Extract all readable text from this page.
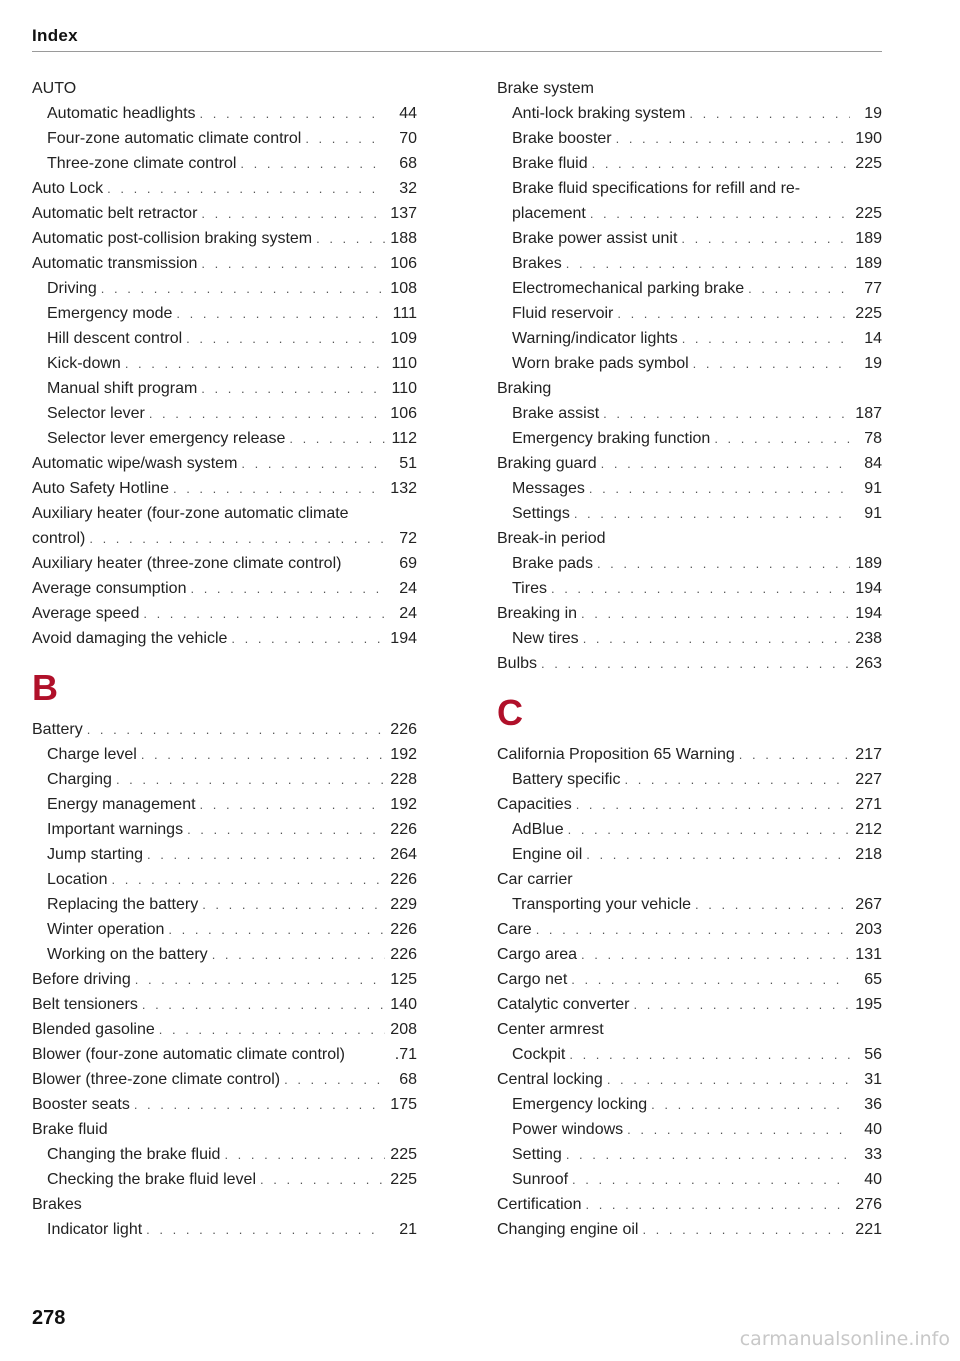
Index
AUTO
Automatic headlights . . .	44
Four-zone automatic climate control . . .	70
Three-zone climate control . . .	68
Auto Lock . . .	32
Automatic belt retractor . . .	137
Automatic post-collision braking system . . .	188
Automatic transmission . . .	106
Driving . . .	108
Emergency mode . . .	111
Hill descent control . . .	109
Kick-down . . .	110
Manual shift program . . .	110
Selector lever . . .	106
Selector lever emergency release . . .	112
Automatic wipe/wash system . . .	51
Auto Safety Hotline . . .	132
Auxiliary heater (four-zone automatic climate
control) . . .	72
Auxiliary heater (three-zone climate control)	69
Average consumption . . .	24
Average speed . . .	24
Avoid damaging the vehicle . . .	194
B
Battery . . .	226
Charge level . . .	192
Charging . . .	228
Energy management . . .	192
Important warnings . . .	226
Jump starting . . .	264
Location . . .	226
Replacing the battery . . .	229
Winter operation . . .	226
Working on the battery . . .	226
Before driving . . .	125
Belt tensioners . . .	140
Blended gasoline . . .	208
Blower (four-zone automatic climate control)	.71
Blower (three-zone climate control) . . .	68
Booster seats . . .	175
Brake fluid
Changing the brake fluid . . .	225
Checking the brake fluid level . . .	225
Brakes
Indicator light . . .	21
Brake system
Anti-lock braking system . . .	19
Brake booster . . .	190
Brake fluid . . .	225
Brake fluid specifications for refill and re-
placement . . .	225
Brake power assist unit . . .	189
Brakes . . .	189
Electromechanical parking brake . . .	77
Fluid reservoir . . .	225
Warning/indicator lights . . .	14
Worn brake pads symbol . . .	19
Braking
Brake assist . . .	187
Emergency braking function . . .	78
Braking guard . . .	84
Messages . . .	91
Settings . . .	91
Break-in period
Brake pads . . .	189
Tires . . .	194
Breaking in . . .	194
New tires . . .	238
Bulbs . . .	263
C
California Proposition 65 Warning . . .	217
Battery specific . . .	227
Capacities . . .	271
AdBlue . . .	212
Engine oil . . .	218
Car carrier
Transporting your vehicle . . .	267
Care . . .	203
Cargo area . . .	131
Cargo net . . .	65
Catalytic converter . . .	195
Center armrest
Cockpit . . .	56
Central locking . . .	31
Emergency locking . . .	36
Power windows . . .	40
Setting . . .	33
Sunroof . . .	40
Certification . . .	276
Changing engine oil . . .	221
278
carmanualsonline.info
